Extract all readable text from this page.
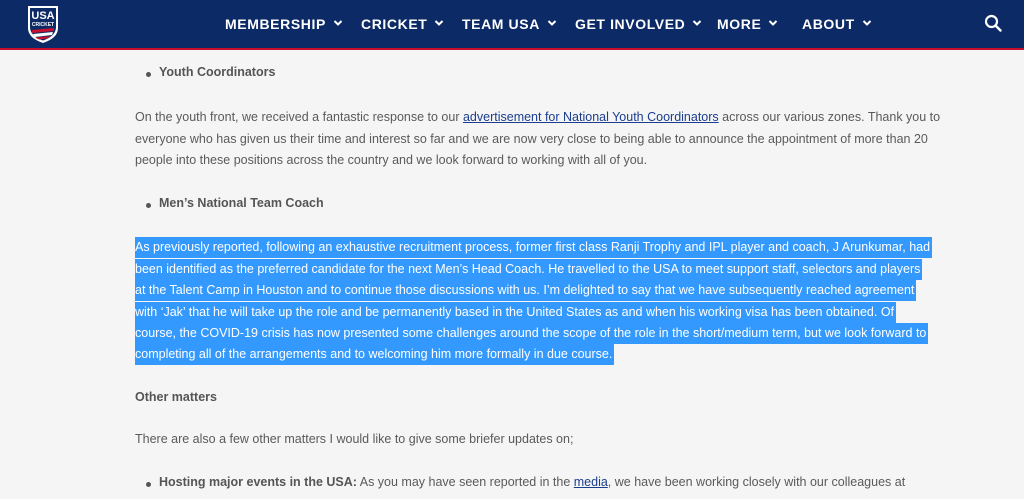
USA
CRICKET	MEMBERSHIP	CRICKET TEAM USA	GET INVOLVED MORE	ABOUT
Youth Coordinators
On the youth front, we received a fantastic response to our advertisement for National Youth Coordinators across our various zones. Thank you to everyone who has given us their time and interest so far and we are now very close to being able to announce the appointment of more than 20 people into these positions across the country and we look forward to working with all of you.
Men’s National Team Coach
As previously reported, following an exhaustive recruitment process, former first class Ranji Trophy and IPL player and coach, J Arunkumar, had
been identified as the preferred candidate for the next Men’s Head Coach. He travelled to the USA to meet support staff, selectors and players
at the Talent Camp in Houston and to continue those discussions with us. I’m delighted to say that we have subsequently reached agreement
with ‘Jak’ that he will take up the role and be permanently based in the United States as and when his working visa has been obtained. Of
course, the COVID-19 crisis has now presented some challenges around the scope of the role in the short/medium term, but we look forward to
completing all of the arrangements and to welcoming him more formally in due course.
Other matters
There are also a few other matters I would like to give some briefer updates on;
Hosting major events in the USA: As you may have seen reported in the media, we have been working closely with our colleagues at
